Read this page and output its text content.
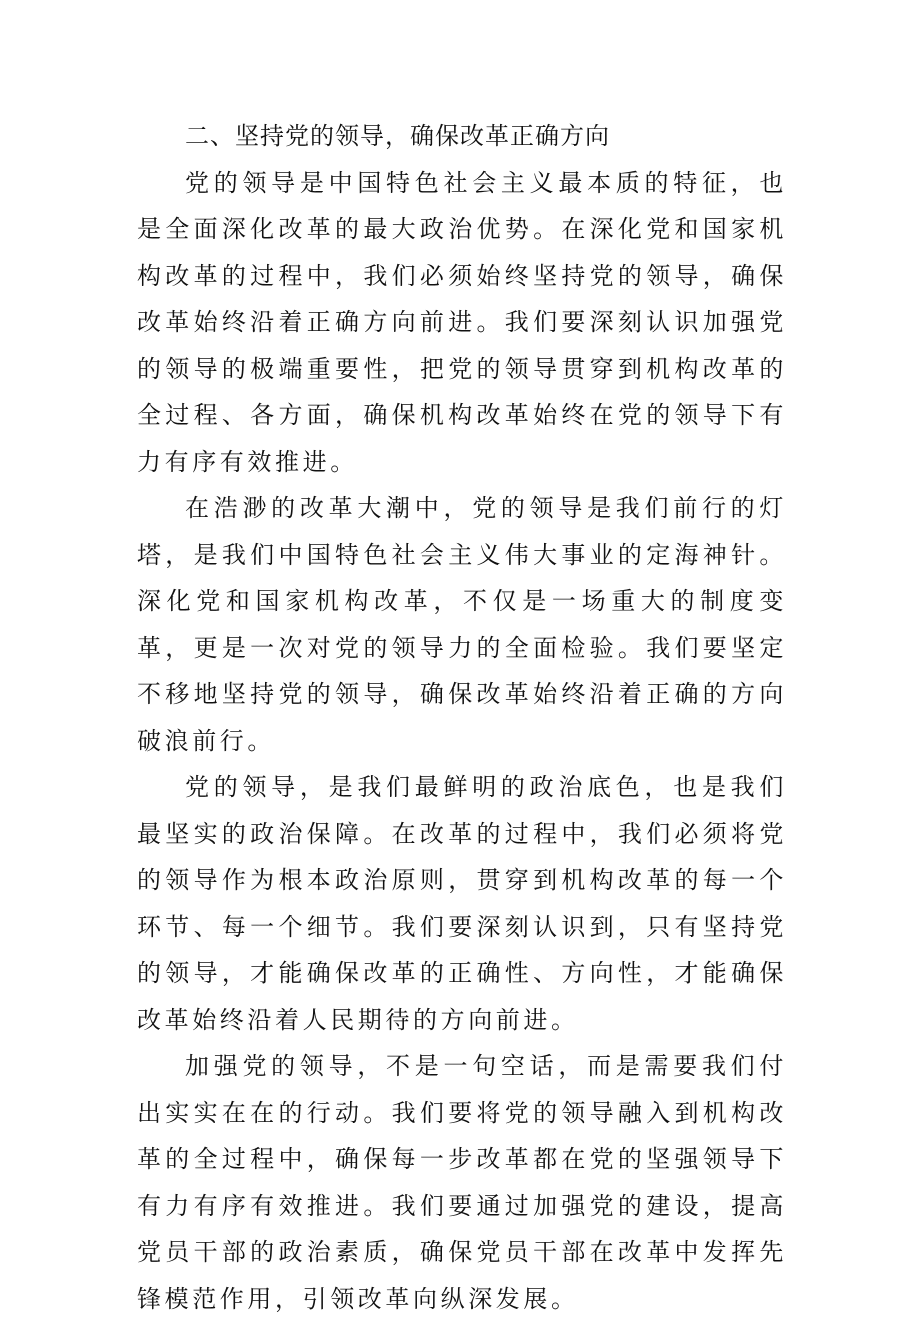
二、坚持党的领导，确保改革正确方向

党的领导是中国特色社会主义最本质的特征，也是全面深化改革的最大政治优势。在深化党和国家机构改革的过程中，我们必须始终坚持党的领导，确保改革始终沿着正确方向前进。我们要深刻认识加强党的领导的极端重要性，把党的领导贯穿到机构改革的全过程、各方面，确保机构改革始终在党的领导下有力有序有效推进。

在浩渺的改革大潮中，党的领导是我们前行的灯塔，是我们中国特色社会主义伟大事业的定海神针。深化党和国家机构改革，不仅是一场重大的制度变革，更是一次对党的领导力的全面检验。我们要坚定不移地坚持党的领导，确保改革始终沿着正确的方向破浪前行。

党的领导，是我们最鲜明的政治底色，也是我们最坚实的政治保障。在改革的过程中，我们必须将党的领导作为根本政治原则，贯穿到机构改革的每一个环节、每一个细节。我们要深刻认识到，只有坚持党的领导，才能确保改革的正确性、方向性，才能确保改革始终沿着人民期待的方向前进。

加强党的领导，不是一句空话，而是需要我们付出实实在在的行动。我们要将党的领导融入到机构改革的全过程中，确保每一步改革都在党的坚强领导下有力有序有效推进。我们要通过加强党的建设，提高党员干部的政治素质，确保党员干部在改革中发挥先锋模范作用，引领改革向纵深发展。
